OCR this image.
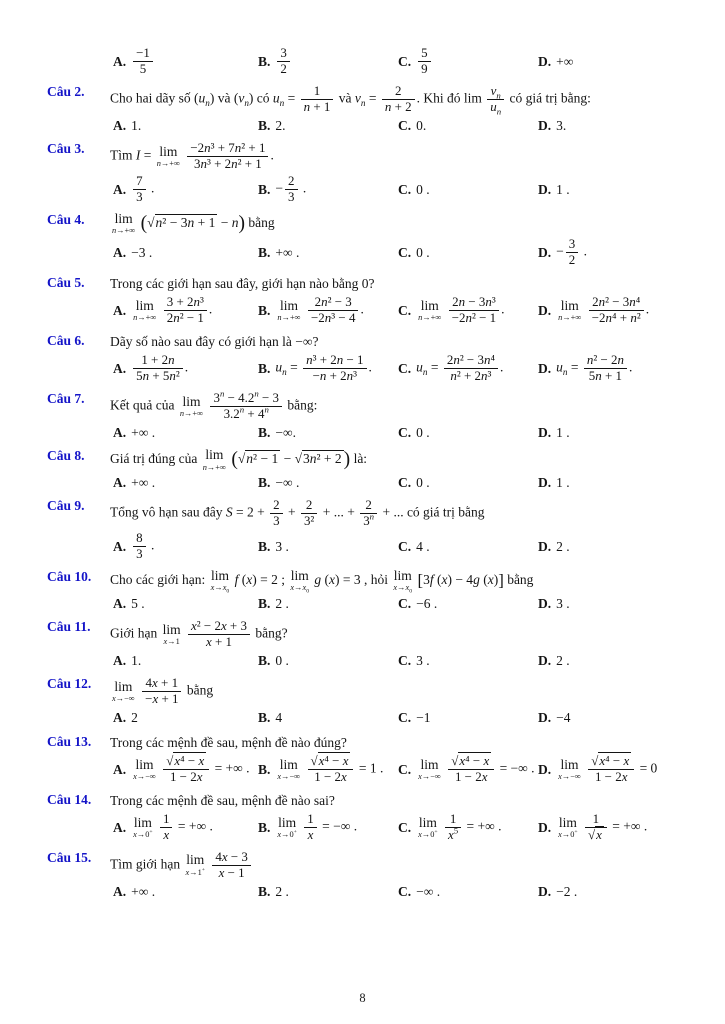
A. $\frac{-1}{5}$	B. $\frac{3}{2}$	C. $\frac{5}{9}$	D. +∞
Câu 2.	Cho hai dãy số $(u_n)$ và $(v_n)$ có $u_n = \frac{1}{n + 1}$ và $v_n = \frac{2}{n + 2}$ . Khi đó $\lim \frac{v_n}{u_n}$ có giá trị bằng:
A. 1.	B. 2.	C. 0.	D. 3.
Câu 3.	Tìm I = lim
n→+∞
$\frac{\text{−2n³ + 7n² + 1}}{\text{3n³ + 2n² + 1}}$ .
A. $\frac{7}{3}$ .	B. − $\frac{2}{3}$ .	C. 0 .	D. 1 .
Câu 4.	lim
n→+∞ (√n² − 3n + 1 − n) bằng
A. −3 .	B. +∞ .	C. 0 .	D. − $\frac{3}{2}$ .
Câu 5.	Trong các giới hạn sau đây, giới hạn nào bằng 0?
A. lim
n→+∞
$\frac{\text{3 + 2n³}}{\text{2n² − 1}}$ .	B. lim
n→+∞
$\frac{\text{2n² − 3}}{\text{−2n³ − 4}}$ .	C. lim
n→+∞
$\frac{\text{2n − 3n³}}{\text{−2n² − 1}}$ . D. lim
n→+∞
$\frac{\text{2n² − 3n⁴}}{\text{−2n⁴ + n²}}$ .
Câu 6.	Dãy số nào sau đây có giới hạn là −∞?
A. $\frac{1 + 2n}{\text{5n + 5n²}}$ .	B. $u_n = \frac{\text{n³ + 2n − 1}}{\text{−n + 2n³}}$ . C. $u_n = \frac{\text{2n² − 3n⁴}}{\text{n² + 2n³}}$ .	D. $u_n = \frac{\text{n² − 2n}}{5n + 1}$ .
Câu 7.	Kết quả của lim
n→+∞
$\frac{3^n - 4.2^n - 3}{3.2^n + 4^n}$ bằng:
A. +∞ .	B. −∞.	C. 0 .	D. 1 .
Câu 8.	Giá trị đúng của lim
n→+∞ (√n² − 1 − √3n² + 2 ) là:
A. +∞ .	B. −∞ .	C. 0 .	D. 1 .
Câu 9.	Tổng vô hạn sau đây $S = 2 + \frac{2}{3} + \frac{2}{\text{3²}}$ + ... + $\frac{2}{3^n}$ + ... có giá trị bằng
A. $\frac{8}{3}$ .	B. 3 .	C. 4 .	D. 2 .
Câu 10.	Cho các giới hạn: lim
$x\to x_0$
f (x) = 2 ; lim
$x\to x_0$
g (x) = 3 , hỏi lim
$x\to x_0$
[3f (x) − 4g (x)] bằng
A. 5 .	B. 2 .	C. −6 .	D. 3 .
Câu 11.	Giới hạn lim
x→1
$\frac{\text{x² − 2x + 3}}{x + 1}$ bằng?
A. 1.	B. 0 .	C. 3 .	D. 2 .
Câu 12.	lim
x→−∞
$\frac{4x + 1}{-x + 1}$ bằng
A. 2	B. 4	C. −1	D. −4
Câu 13.	Trong các mệnh đề sau, mệnh đề nào đúng?
A. lim
x→−∞
$\frac{\text{√x⁴ − x}}{1 - 2x}$ = +∞ . B. lim
x→−∞
$\frac{\text{√x⁴ − x}}{1 - 2x} = 1$ . C. lim
x→−∞
$\frac{\text{√x⁴ − x}}{1 - 2x}$ = −∞ . D. lim
x→−∞
$\frac{\text{√x⁴ − x}}{1 - 2x} = 0$
Câu 14.	Trong các mệnh đề sau, mệnh đề nào sai?
A. lim
x→0+
$\frac{1}{x}$ = +∞ .	B. lim
x→0+
$\frac{1}{x}$ = −∞ .	C. lim
x→0+
$\frac{1}{x^5}$ = +∞ .	D. lim
x→0+
$\frac{1}{√x}$ = +∞ .
Câu 15.	Tìm giới hạn lim
x→1+
$\frac{4x - 3}{x - 1}$
A. +∞ .	B. 2 .	C. −∞ .	D. −2 .
8
